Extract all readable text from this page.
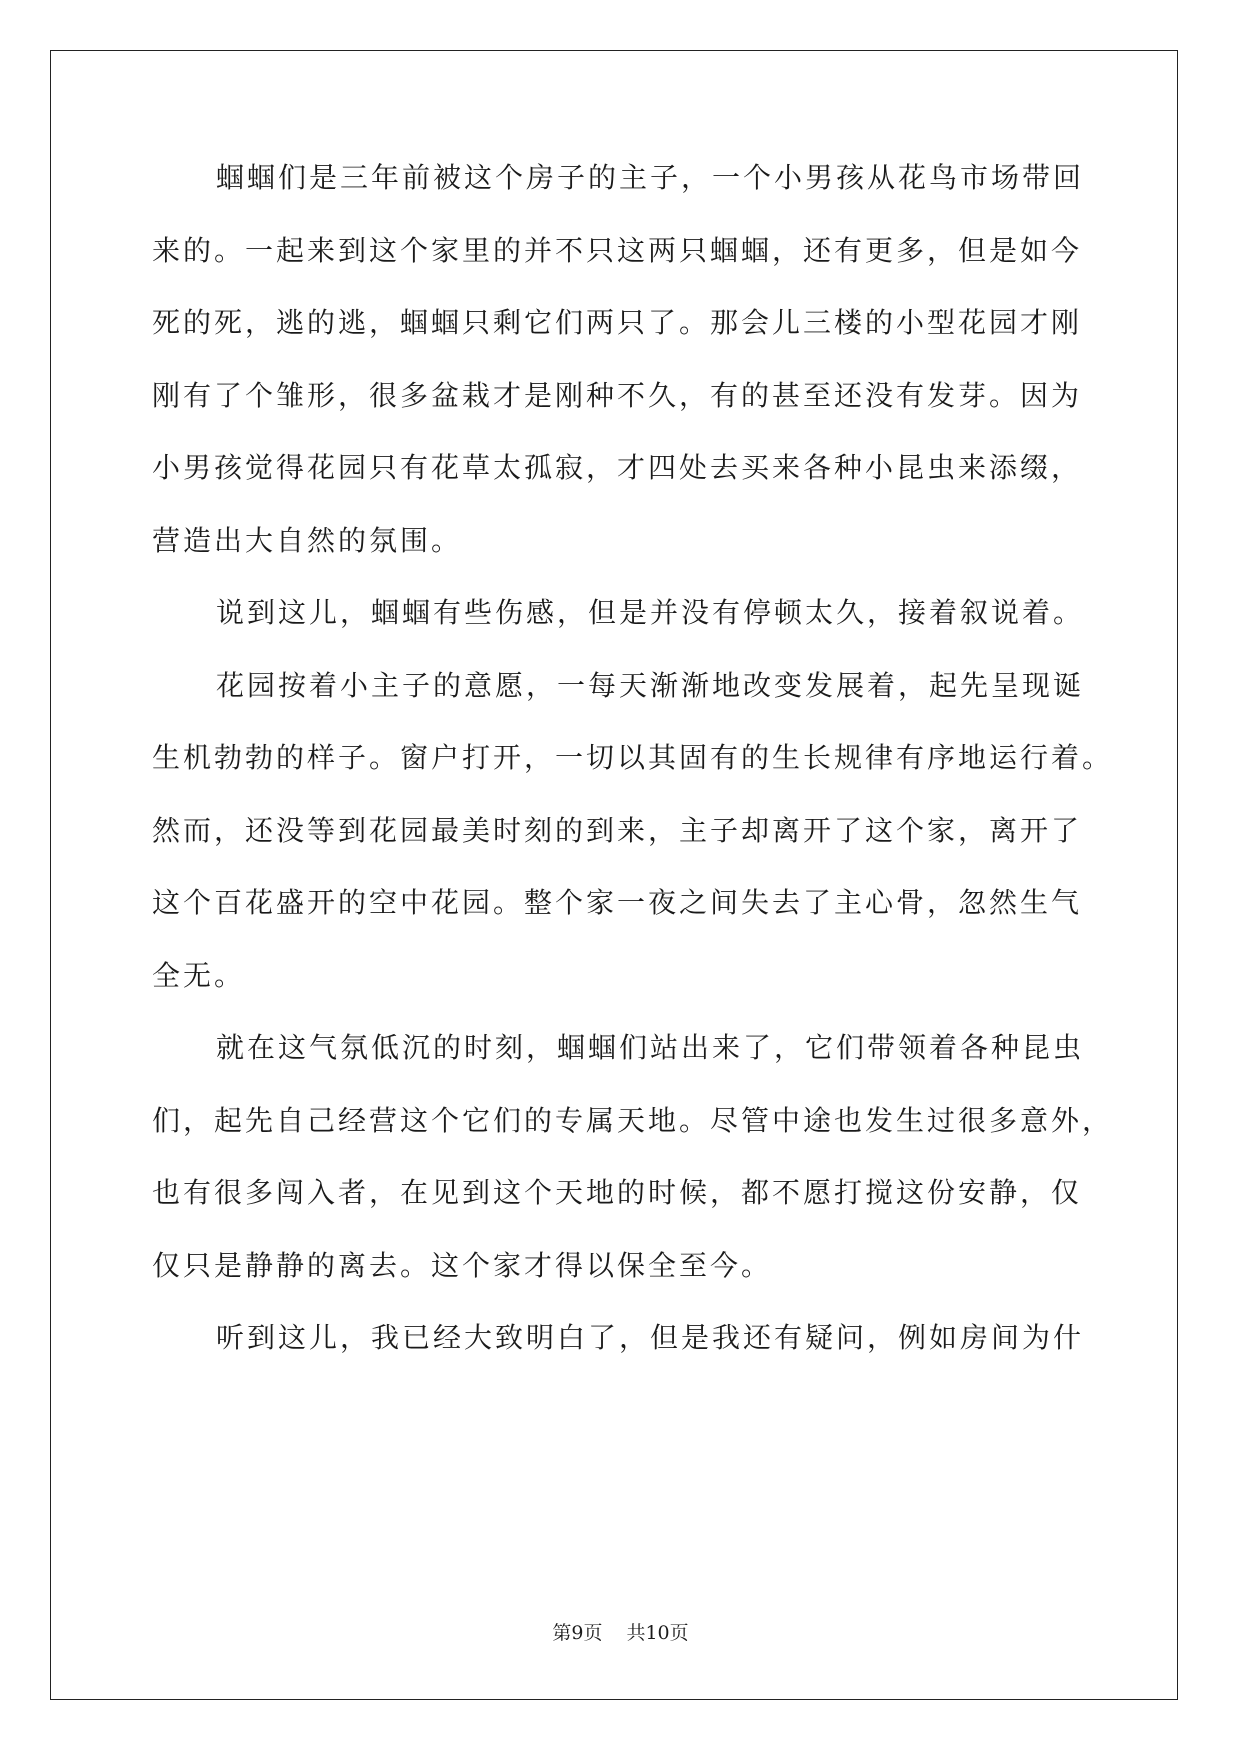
蝈蝈们是三年前被这个房子的主子，一个小男孩从花鸟市场带回
来的。一起来到这个家里的并不只这两只蝈蝈，还有更多，但是如今
死的死，逃的逃，蝈蝈只剩它们两只了。那会儿三楼的小型花园才刚
刚有了个雏形，很多盆栽才是刚种不久，有的甚至还没有发芽。因为
小男孩觉得花园只有花草太孤寂，才四处去买来各种小昆虫来添缀，
营造出大自然的氛围。
说到这儿，蝈蝈有些伤感，但是并没有停顿太久，接着叙说着。
花园按着小主子的意愿，一每天渐渐地改变发展着，起先呈现诞
生机勃勃的样子。窗户打开，一切以其固有的生长规律有序地运行着。
然而，还没等到花园最美时刻的到来，主子却离开了这个家，离开了
这个百花盛开的空中花园。整个家一夜之间失去了主心骨，忽然生气
全无。
就在这气氛低沉的时刻，蝈蝈们站出来了，它们带领着各种昆虫
们，起先自己经营这个它们的专属天地。尽管中途也发生过很多意外，
也有很多闯入者，在见到这个天地的时候，都不愿打搅这份安静，仅
仅只是静静的离去。这个家才得以保全至今。
听到这儿，我已经大致明白了，但是我还有疑问，例如房间为什
第9页 共10页
